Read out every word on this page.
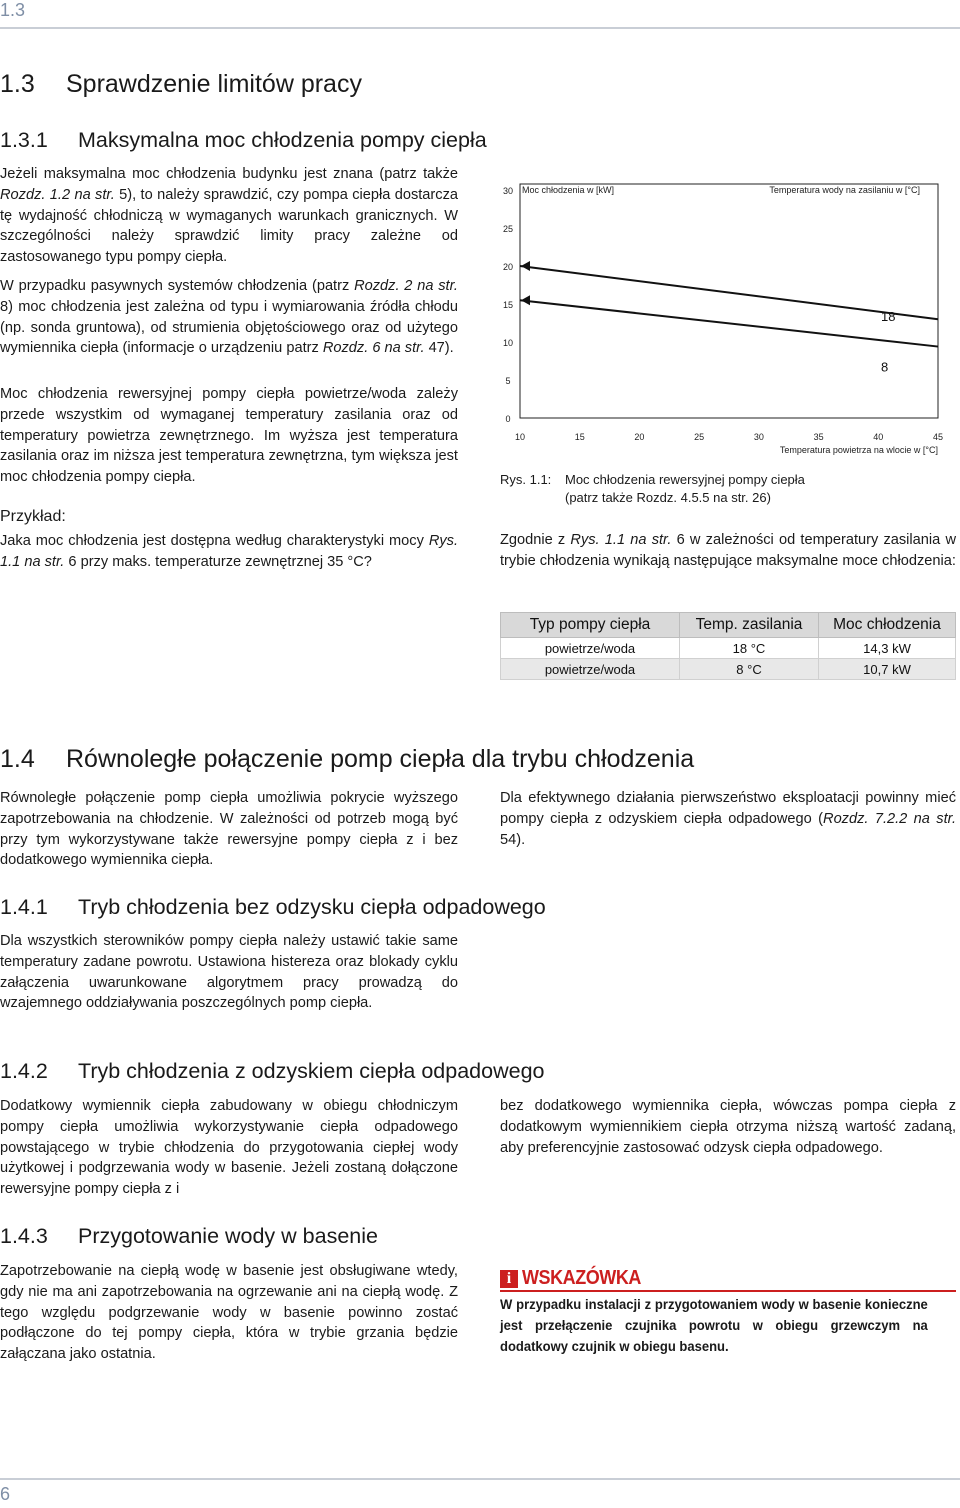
1.3
1.3 Sprawdzenie limitów pracy
1.3.1 Maksymalna moc chłodzenia pompy ciepła
Jeżeli maksymalna moc chłodzenia budynku jest znana (patrz także Rozdz. 1.2 na str. 5), to należy sprawdzić, czy pompa ciepła dostarcza tę wydajność chłodniczą w wymaganych warunkach granicznych. W szczególności należy sprawdzić limity pracy zależne od zastosowanego typu pompy ciepła.
W przypadku pasywnych systemów chłodzenia (patrz Rozdz. 2 na str. 8) moc chłodzenia jest zależna od typu i wymiarowania źródła chłodu (np. sonda gruntowa), od strumienia objętościowego oraz od użytego wymiennika ciepła (informacje o urządzeniu patrz Rozdz. 6 na str. 47).
Moc chłodzenia rewersyjnej pompy ciepła powietrze/woda zależy przede wszystkim od wymaganej temperatury zasilania oraz od temperatury powietrza zewnętrznego. Im wyższa jest temperatura zasilania oraz im niższa jest temperatura zewnętrzna, tym większa jest moc chłodzenia pompy ciepła.
Przykład:
Jaka moc chłodzenia jest dostępna według charakterystyki mocy Rys. 1.1 na str. 6 przy maks. temperaturze zewnętrznej 35 °C?
0
5
10
15
20
25
30
10	15	20	25	30	35	40	45
Moc chłodzenia w [kW]	Temperatura wody na zasilaniu w [°C]
Temperatura powietrza na wlocie w [°C]
18
8
Rys. 1.1: Moc chłodzenia rewersyjnej pompy ciepła
(patrz także Rozdz. 4.5.5 na str. 26)
Zgodnie z Rys. 1.1 na str. 6 w zależności od temperatury zasilania w trybie chłodzenia wynikają następujące maksymalne moce chłodzenia:
Typ pompy ciepła	Temp. zasilania	Moc chłodzenia
powietrze/woda	18 °C	14,3 kW
powietrze/woda	8 °C	10,7 kW
1.4 Równoległe połączenie pomp ciepła dla trybu chłodzenia
Równoległe połączenie pomp ciepła umożliwia pokrycie wyższego zapotrzebowania na chłodzenie. W zależności od potrzeb mogą być przy tym wykorzystywane także rewersyjne pompy ciepła z i bez dodatkowego wymiennika ciepła.
Dla efektywnego działania pierwszeństwo eksploatacji powinny mieć pompy ciepła z odzyskiem ciepła odpadowego (Rozdz. 7.2.2 na str. 54).
1.4.1 Tryb chłodzenia bez odzysku ciepła odpadowego
Dla wszystkich sterowników pompy ciepła należy ustawić takie same temperatury zadane powrotu. Ustawiona histereza oraz blokady cyklu załączenia uwarunkowane algorytmem pracy prowadzą do wzajemnego oddziaływania poszczególnych pomp ciepła.
1.4.2 Tryb chłodzenia z odzyskiem ciepła odpadowego
Dodatkowy wymiennik ciepła zabudowany w obiegu chłodniczym pompy ciepła umożliwia wykorzystywanie ciepła odpadowego powstającego w trybie chłodzenia do przygotowania ciepłej wody użytkowej i podgrzewania wody w basenie. Jeżeli zostaną dołączone rewersyjne pompy ciepła z i
bez dodatkowego wymiennika ciepła, wówczas pompa ciepła z dodatkowym wymiennikiem ciepła otrzyma niższą wartość zadaną, aby preferencyjnie zastosować odzysk ciepła odpadowego.
1.4.3 Przygotowanie wody w basenie
Zapotrzebowanie na ciepłą wodę w basenie jest obsługiwane wtedy, gdy nie ma ani zapotrzebowania na ogrzewanie ani na ciepłą wodę. Z tego względu podgrzewanie wody w basenie powinno zostać podłączone do tej pompy ciepła, która w trybie grzania będzie załączana jako ostatnia.
i WSKAZÓWKA
W przypadku instalacji z przygotowaniem wody w basenie konieczne jest przełączenie czujnika powrotu w obiegu grzewczym na dodatkowy czujnik w obiegu basenu.
6
